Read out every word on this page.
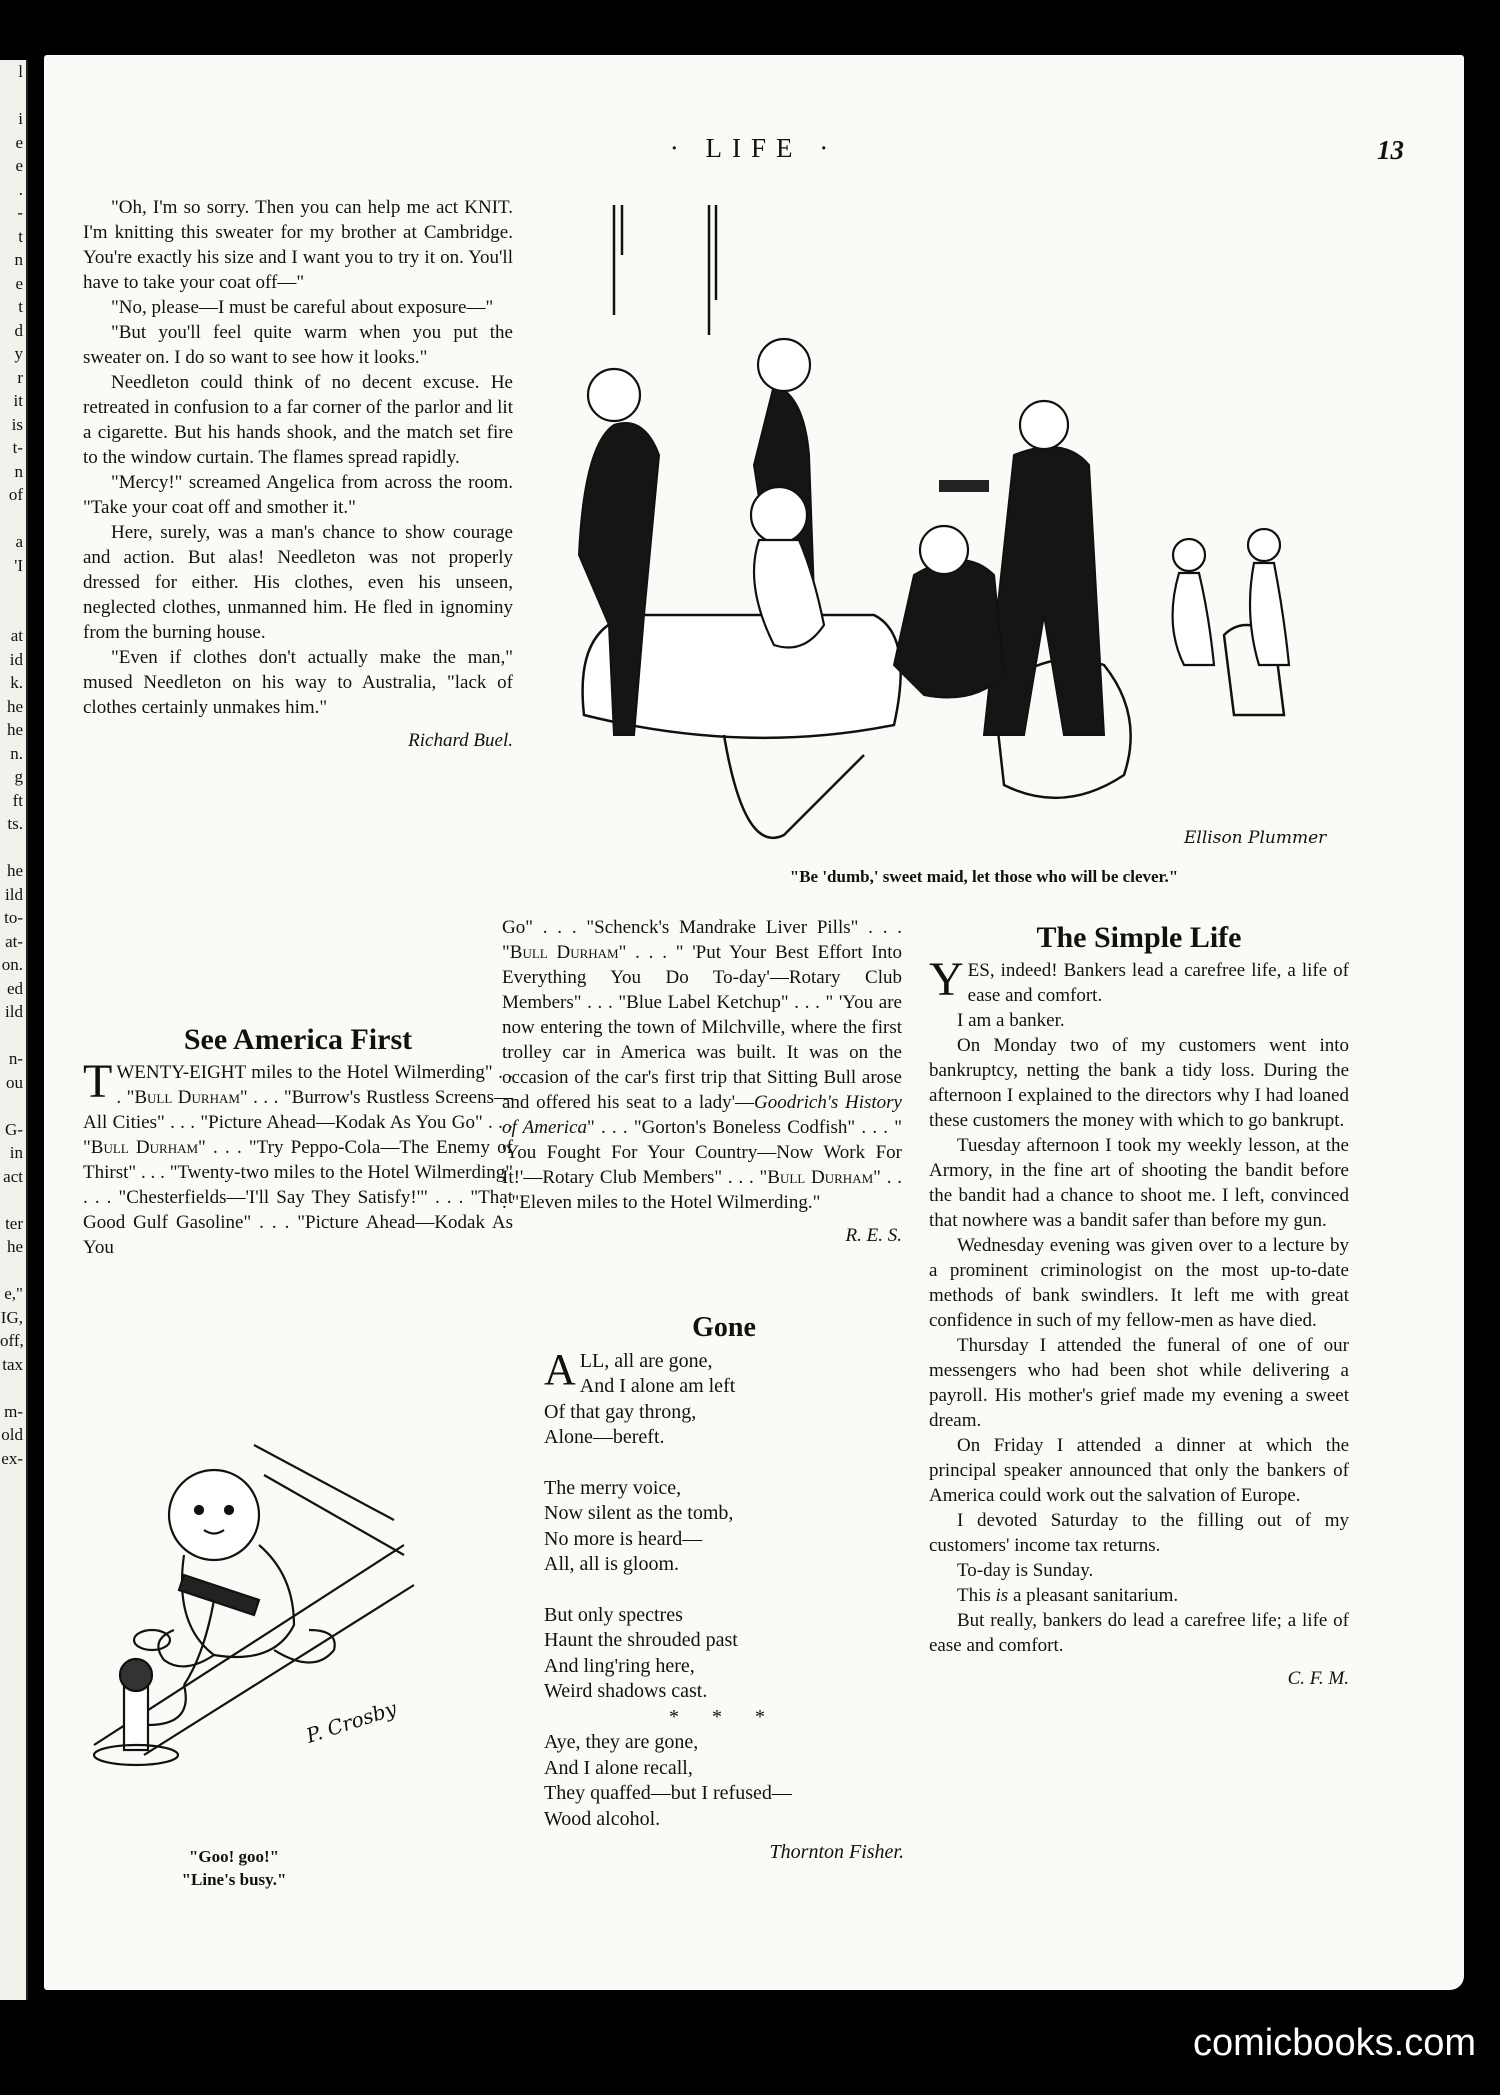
l

i
e
e
.
-
t
n
e
t
d
y
r
it
is
t-
n
of

a
'I

at
id
k.
he
he
n.
g
ft
ts.

he
ild
to-
at-
on.
ed
ild

n-
ou

G-
in
act

ter
he

e,"
IG,
off,
tax

m-
old
ex-
· LIFE ·	13

"Oh, I'm so sorry. Then you can help me act KNIT. I'm knitting this sweater for my brother at Cambridge. You're exactly his size and I want you to try it on. You'll have to take your coat off—"

"No, please—I must be careful about exposure—"

"But you'll feel quite warm when you put the sweater on. I do so want to see how it looks."

Needleton could think of no decent excuse. He retreated in confusion to a far corner of the parlor and lit a cigarette. But his hands shook, and the match set fire to the window curtain. The flames spread rapidly.

"Mercy!" screamed Angelica from across the room. "Take your coat off and smother it."

Here, surely, was a man's chance to show courage and action. But alas! Needleton was not properly dressed for either. His clothes, even his unseen, neglected clothes, unmanned him. He fled in ignominy from the burning house.

"Even if clothes don't actually make the man," mused Needleton on his way to Australia, "lack of clothes certainly unmakes him."

Richard Buel.
See America First

TWENTY-EIGHT miles to the Hotel Wilmerding" . . . "Bull Durham" . . . "Burrow's Rustless Screens—All Cities" . . . "Picture Ahead—Kodak As You Go" . . . "Bull Durham" . . . "Try Peppo-Cola—The Enemy of Thirst" . . . "Twenty-two miles to the Hotel Wilmerding" . . . "Chesterfields—'I'll Say They Satisfy!'" . . . "That Good Gulf Gasoline" . . . "Picture Ahead—Kodak As You

P. Crosby
"Goo! goo!"
"Line's busy."
Ellison Plummer
"Be 'dumb,' sweet maid, let those who will be clever."

Go" . . . "Schenck's Mandrake Liver Pills" . . . "Bull Durham" . . . " 'Put Your Best Effort Into Everything You Do To-day'—Rotary Club Members" . . . "Blue Label Ketchup" . . . " 'You are now entering the town of Milchville, where the first trolley car in America was built. It was on the occasion of the car's first trip that Sitting Bull arose and offered his seat to a lady'—Goodrich's History of America" . . . "Gorton's Boneless Codfish" . . . " 'You Fought For Your Country—Now Work For It!'—Rotary Club Members" . . . "Bull Durham" . . . "Eleven miles to the Hotel Wilmerding."

R. E. S.
Gone
ALL, all are gone,
And I alone am left
Of that gay throng,
Alone—bereft.
The merry voice,
Now silent as the tomb,
No more is heard—
All, all is gloom.
But only spectres
Haunt the shrouded past
And ling'ring here,
Weird shadows cast.
* * *
Aye, they are gone,
And I alone recall,
They quaffed—but I refused—
Wood alcohol.
Thornton Fisher.
The Simple Life

YES, indeed! Bankers lead a carefree life, a life of ease and comfort.

I am a banker.

On Monday two of my customers went into bankruptcy, netting the bank a tidy loss. During the afternoon I explained to the directors why I had loaned these customers the money with which to go bankrupt.

Tuesday afternoon I took my weekly lesson, at the Armory, in the fine art of shooting the bandit before the bandit had a chance to shoot me. I left, convinced that nowhere was a bandit safer than before my gun.

Wednesday evening was given over to a lecture by a prominent criminologist on the most up-to-date methods of bank swindlers. It left me with great confidence in such of my fellow-men as have died.

Thursday I attended the funeral of one of our messengers who had been shot while delivering a payroll. His mother's grief made my evening a sweet dream.

On Friday I attended a dinner at which the principal speaker announced that only the bankers of America could work out the salvation of Europe.

I devoted Saturday to the filling out of my customers' income tax returns.

To-day is Sunday.

This is a pleasant sanitarium.

But really, bankers do lead a carefree life; a life of ease and comfort.

C. F. M.
comicbooks.com
